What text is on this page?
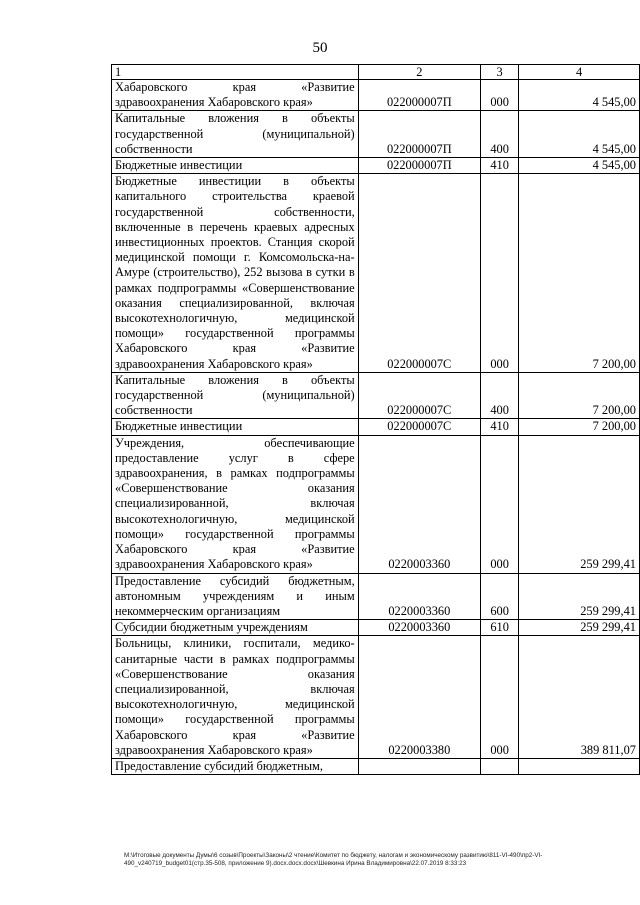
50
1	2	3	4
Хабаровского края «Развитие здравоохранения Хабаровского края»	022000007П	000	4 545,00
Капитальные вложения в объекты государственной (муниципальной) собственности	022000007П	400	4 545,00
Бюджетные инвестиции	022000007П	410	4 545,00
Бюджетные инвестиции в объекты капитального строительства краевой государственной собственности, включенные в перечень краевых адресных инвестиционных проектов. Станция скорой медицинской помощи г. Комсомольска-на-Амуре (строительство), 252 вызова в сутки в рамках подпрограммы «Совершенствование оказания специализированной, включая высокотехнологичную, медицинской помощи» государственной программы Хабаровского края «Развитие здравоохранения Хабаровского края»	022000007С	000	7 200,00
Капитальные вложения в объекты государственной (муниципальной) собственности	022000007С	400	7 200,00
Бюджетные инвестиции	022000007С	410	7 200,00
Учреждения, обеспечивающие предоставление услуг в сфере здравоохранения, в рамках подпрограммы «Совершенствование оказания специализированной, включая высокотехнологичную, медицинской помощи» государственной программы Хабаровского края «Развитие здравоохранения Хабаровского края»	0220003360	000	259 299,41
Предоставление субсидий бюджетным, автономным учреждениям и иным некоммерческим организациям	0220003360	600	259 299,41
Субсидии бюджетным учреждениям	0220003360	610	259 299,41
Больницы, клиники, госпитали, медико-санитарные части в рамках подпрограммы «Совершенствование оказания специализированной, включая высокотехнологичную, медицинской помощи» государственной программы Хабаровского края «Развитие здравоохранения Хабаровского края»	0220003380	000	389 811,07
Предоставление субсидий бюджетным,			
M:\Итоговые документы Думы\6 созыв\Проекты\Законы\2 чтение\Комитет по бюджету, налогам и экономическому развитию\811-VI-490\пр2-VI-490_v240719_budget01(стр.35-508, приложение 9).docx.docx.docx\Шевкина Ирина Владимировна\22.07.2019 8:33:23
